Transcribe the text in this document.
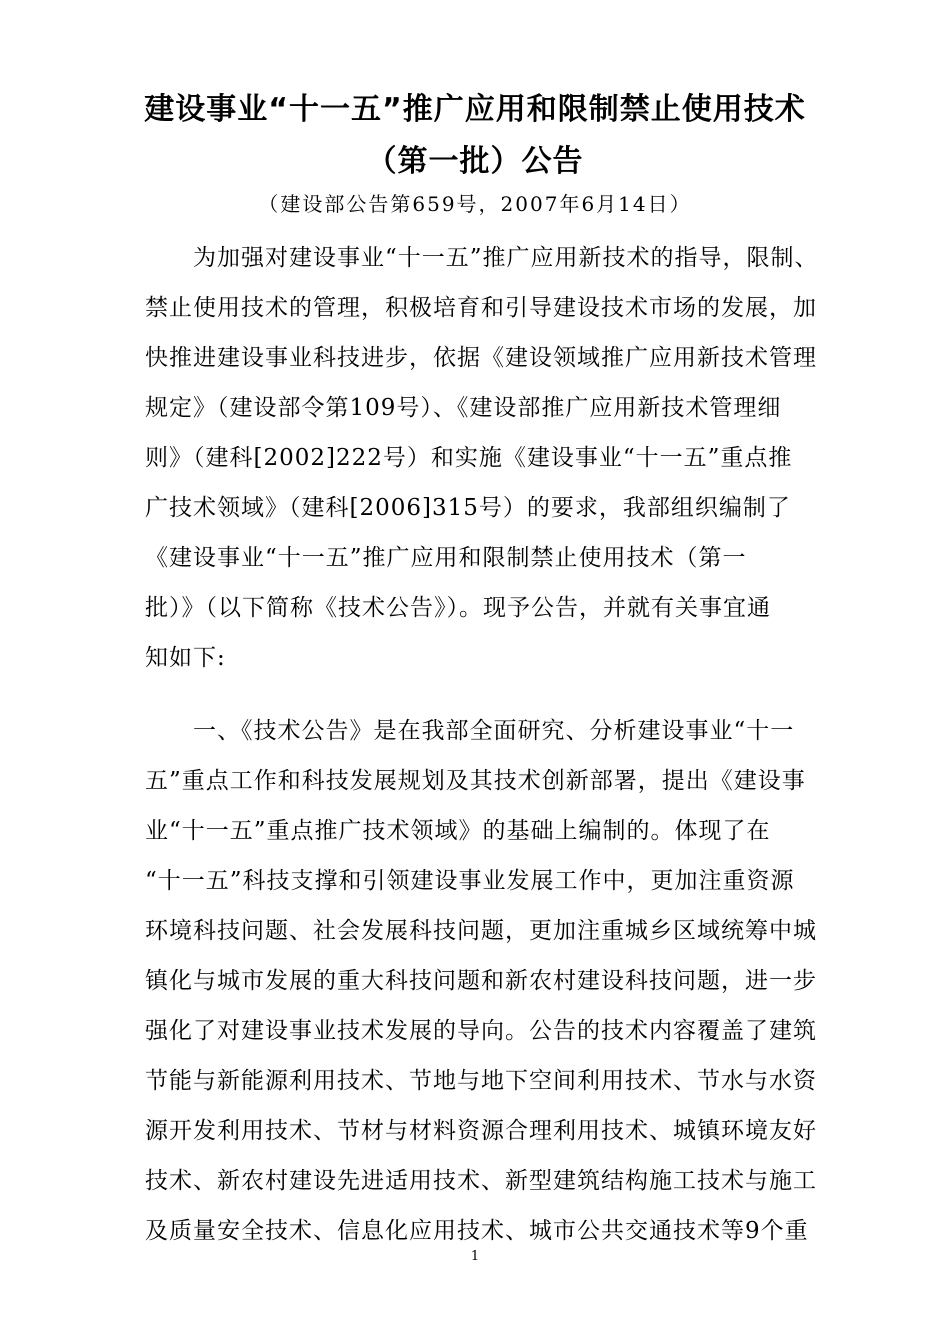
建设事业“十一五”推广应用和限制禁止使用技术
（第一批）公告
（建设部公告第659号，2007年6月14日）
为加强对建设事业“十一五”推广应用新技术的指导，限制、
禁止使用技术的管理，积极培育和引导建设技术市场的发展，加
快推进建设事业科技进步，依据《建设领域推广应用新技术管理
规定》（建设部令第109号）、《建设部推广应用新技术管理细
则》（建科[2002]222号）和实施《建设事业“十一五”重点推
广技术领域》（建科[2006]315号）的要求，我部组织编制了
《建设事业“十一五”推广应用和限制禁止使用技术（第一
批）》（以下简称《技术公告》）。现予公告，并就有关事宜通
知如下:
一、《技术公告》是在我部全面研究、分析建设事业“十一
五”重点工作和科技发展规划及其技术创新部署，提出《建设事
业“十一五”重点推广技术领域》的基础上编制的。体现了在
“十一五”科技支撑和引领建设事业发展工作中，更加注重资源
环境科技问题、社会发展科技问题，更加注重城乡区域统筹中城
镇化与城市发展的重大科技问题和新农村建设科技问题，进一步
强化了对建设事业技术发展的导向。公告的技术内容覆盖了建筑
节能与新能源利用技术、节地与地下空间利用技术、节水与水资
源开发利用技术、节材与材料资源合理利用技术、城镇环境友好
技术、新农村建设先进适用技术、新型建筑结构施工技术与施工
及质量安全技术、信息化应用技术、城市公共交通技术等9个重
1
